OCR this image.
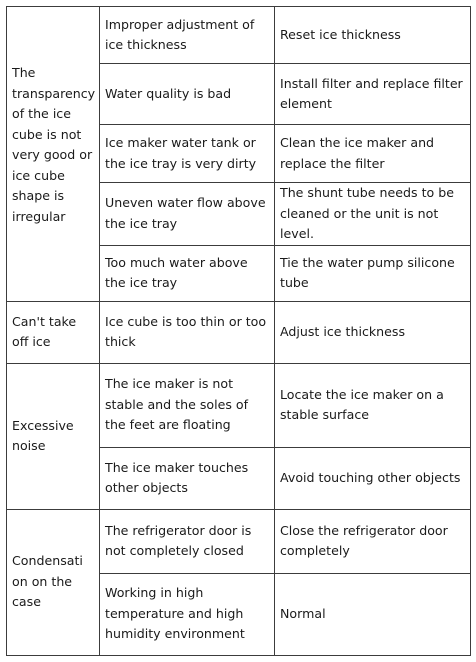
The transparency of the ice cube is not very good or ice cube shape is irregular	Improper adjustment of ice thickness	Reset ice thickness
	Water quality is bad	Install filter and replace filter element
	Ice maker water tank or the ice tray is very dirty	Clean the ice maker and replace the filter
	Uneven water flow above the ice tray	The shunt tube needs to be cleaned or the unit is not level.
	Too much water above the ice tray	Tie the water pump silicone tube
Can't take off ice	Ice cube is too thin or too thick	Adjust ice thickness
Excessive noise	The ice maker is not stable and the soles of the feet are floating	Locate the ice maker on a stable surface
	The ice maker touches other objects	Avoid touching other objects
Condensati on on the case	The refrigerator door is not completely closed	Close the refrigerator door completely
	Working in high temperature and high humidity environment	Normal
